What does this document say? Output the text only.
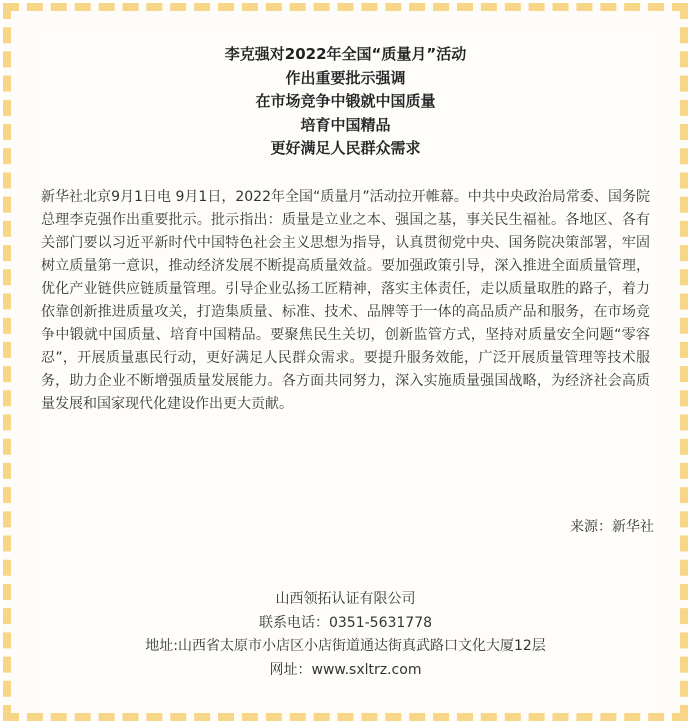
李克强对2022年全国“质量月”活动
作出重要批示强调
在市场竞争中锻就中国质量
培育中国精品
更好满足人民群众需求

新华社北京9月1日电 9月1日，2022年全国“质量月”活动拉开帷幕。中共中央政治局常委、国务院总理李克强作出重要批示。批示指出：质量是立业之本、强国之基，事关民生福祉。各地区、各有关部门要以习近平新时代中国特色社会主义思想为指导，认真贯彻党中央、国务院决策部署，牢固树立质量第一意识，推动经济发展不断提高质量效益。要加强政策引导，深入推进全面质量管理，优化产业链供应链质量管理。引导企业弘扬工匠精神，落实主体责任，走以质量取胜的路子，着力依靠创新推进质量攻关，打造集质量、标准、技术、品牌等于一体的高品质产品和服务，在市场竞争中锻就中国质量、培育中国精品。要聚焦民生关切，创新监管方式，坚持对质量安全问题“零容忍”，开展质量惠民行动，更好满足人民群众需求。要提升服务效能，广泛开展质量管理等技术服务，助力企业不断增强质量发展能力。各方面共同努力，深入实施质量强国战略，为经济社会高质量发展和国家现代化建设作出更大贡献。

来源：新华社
山西领拓认证有限公司
联系电话：0351-5631778
地址:山西省太原市小店区小店街道通达街真武路口文化大厦12层
网址：www.sxltrz.com
